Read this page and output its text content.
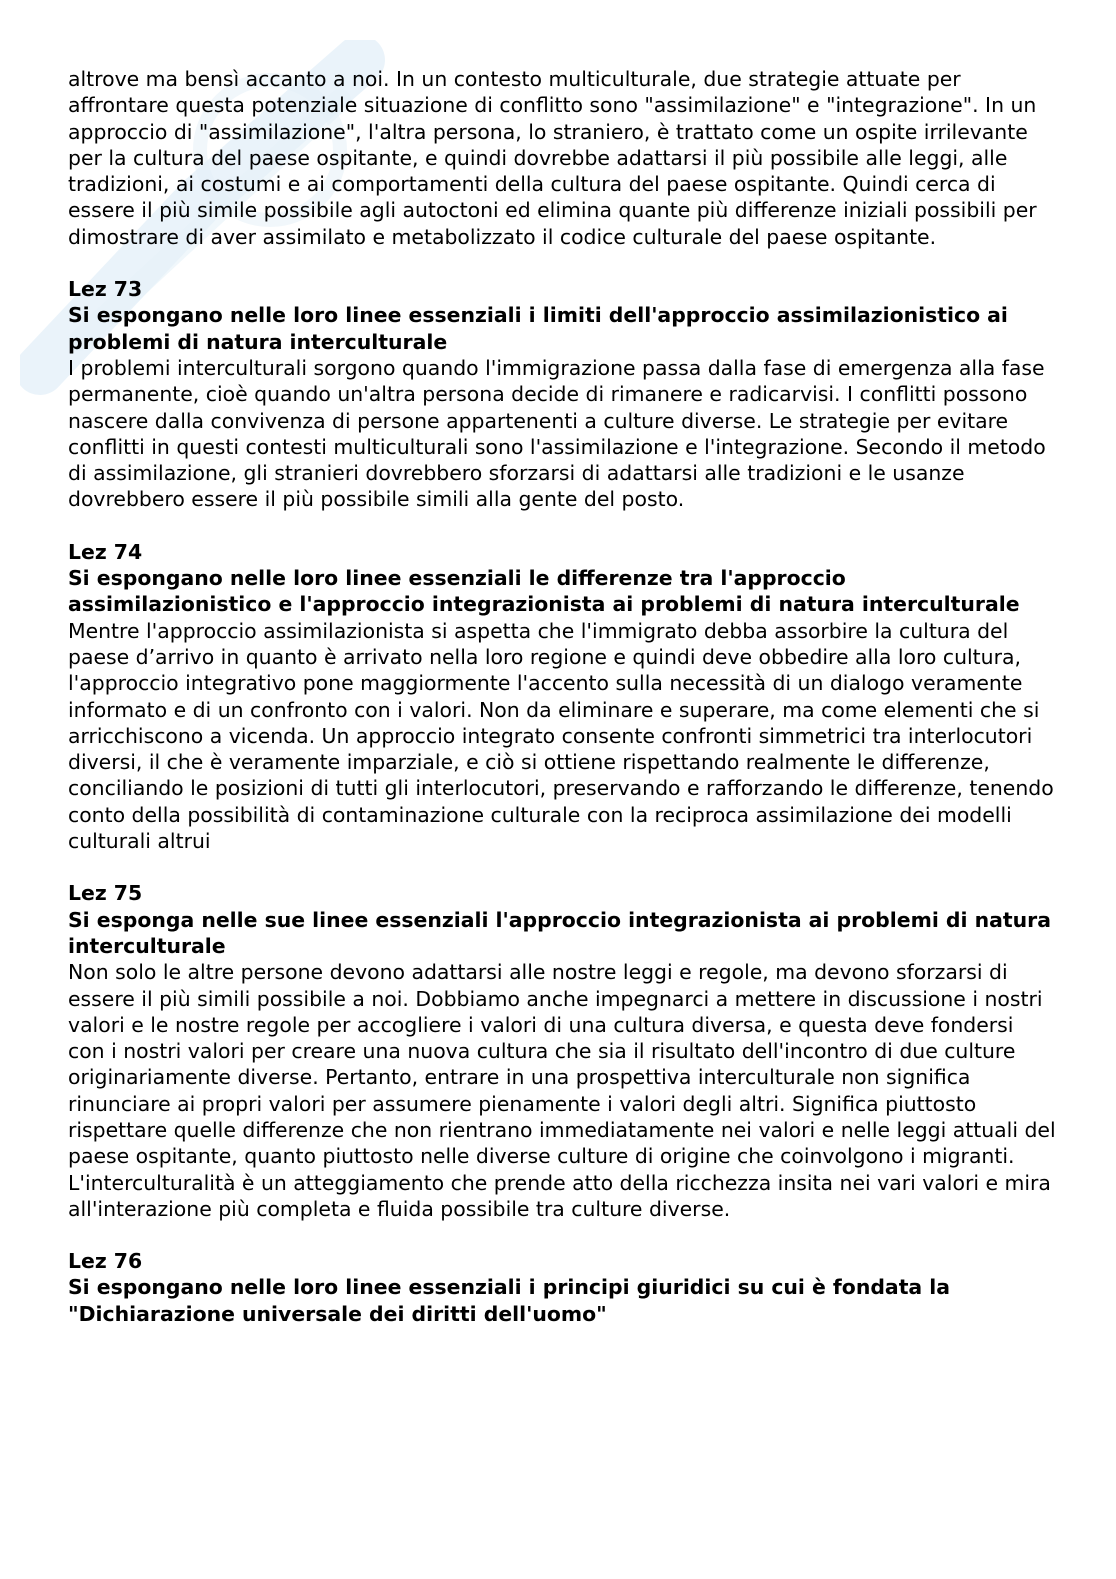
altrove ma bensì accanto a noi. In un contesto multiculturale, due strategie attuate per affrontare questa potenziale situazione di conflitto sono "assimilazione" e "integrazione". In un approccio di "assimilazione", l'altra persona, lo straniero, è trattato come un ospite irrilevante per la cultura del paese ospitante, e quindi dovrebbe adattarsi il più possibile alle leggi, alle tradizioni, ai costumi e ai comportamenti della cultura del paese ospitante. Quindi cerca di essere il più simile possibile agli autoctoni ed elimina quante più differenze iniziali possibili per dimostrare di aver assimilato e metabolizzato il codice culturale del paese ospitante.

Lez 73

Si espongano nelle loro linee essenziali i limiti dell'approccio assimilazionistico ai problemi di natura interculturale

I problemi interculturali sorgono quando l'immigrazione passa dalla fase di emergenza alla fase permanente, cioè quando un'altra persona decide di rimanere e radicarvisi. I conflitti possono nascere dalla convivenza di persone appartenenti a culture diverse. Le strategie per evitare conflitti in questi contesti multiculturali sono l'assimilazione e l'integrazione. Secondo il metodo di assimilazione, gli stranieri dovrebbero sforzarsi di adattarsi alle tradizioni e le usanze dovrebbero essere il più possibile simili alla gente del posto.

Lez 74

Si espongano nelle loro linee essenziali le differenze tra l'approccio assimilazionistico e l'approccio integrazionista ai problemi di natura interculturale

Mentre l'approccio assimilazionista si aspetta che l'immigrato debba assorbire la cultura del paese d’arrivo in quanto è arrivato nella loro regione e quindi deve obbedire alla loro cultura, l'approccio integrativo pone maggiormente l'accento sulla necessità di un dialogo veramente informato e di un confronto con i valori. Non da eliminare e superare, ma come elementi che si arricchiscono a vicenda. Un approccio integrato consente confronti simmetrici tra interlocutori diversi, il che è veramente imparziale, e ciò si ottiene rispettando realmente le differenze, conciliando le posizioni di tutti gli interlocutori, preservando e rafforzando le differenze, tenendo conto della possibilità di contaminazione culturale con la reciproca assimilazione dei modelli culturali altrui

Lez 75

Si esponga nelle sue linee essenziali l'approccio integrazionista ai problemi di natura interculturale

Non solo le altre persone devono adattarsi alle nostre leggi e regole, ma devono sforzarsi di essere il più simili possibile a noi. Dobbiamo anche impegnarci a mettere in discussione i nostri valori e le nostre regole per accogliere i valori di una cultura diversa, e questa deve fondersi con i nostri valori per creare una nuova cultura che sia il risultato dell'incontro di due culture originariamente diverse. Pertanto, entrare in una prospettiva interculturale non significa rinunciare ai propri valori per assumere pienamente i valori degli altri. Significa piuttosto rispettare quelle differenze che non rientrano immediatamente nei valori e nelle leggi attuali del paese ospitante, quanto piuttosto nelle diverse culture di origine che coinvolgono i migranti. L'interculturalità è un atteggiamento che prende atto della ricchezza insita nei vari valori e mira all'interazione più completa e fluida possibile tra culture diverse.

Lez 76

Si espongano nelle loro linee essenziali i principi giuridici su cui è fondata la "Dichiarazione universale dei diritti dell'uomo"
